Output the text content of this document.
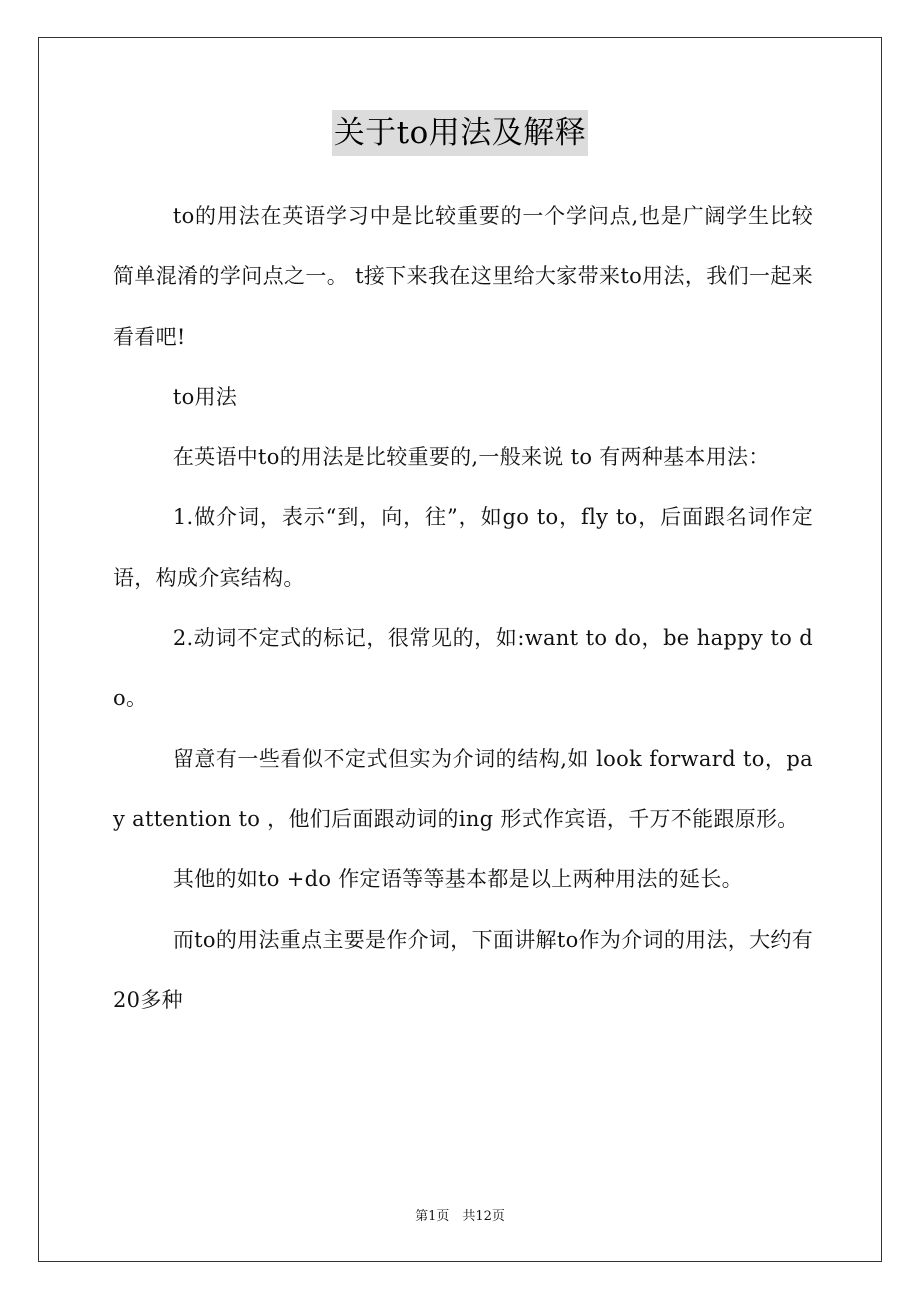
关于to用法及解释

to的用法在英语学习中是比较重要的一个学问点,也是广阔学生比较简单混淆的学问点之一。 t接下来我在这里给大家带来to用法，我们一起来看看吧!

to用法

在英语中to的用法是比较重要的,一般来说 to 有两种基本用法：

1.做介词，表示“到，向，往”，如go to，fly to，后面跟名词作定语，构成介宾结构。

2.动词不定式的标记，很常见的，如:want to do，be happy to do。

留意有一些看似不定式但实为介词的结构,如 look forward to，pay attention to ，他们后面跟动词的ing 形式作宾语，千万不能跟原形。

其他的如to +do 作定语等等基本都是以上两种用法的延长。

而to的用法重点主要是作介词，下面讲解to作为介词的用法，大约有20多种

第1页　共12页
